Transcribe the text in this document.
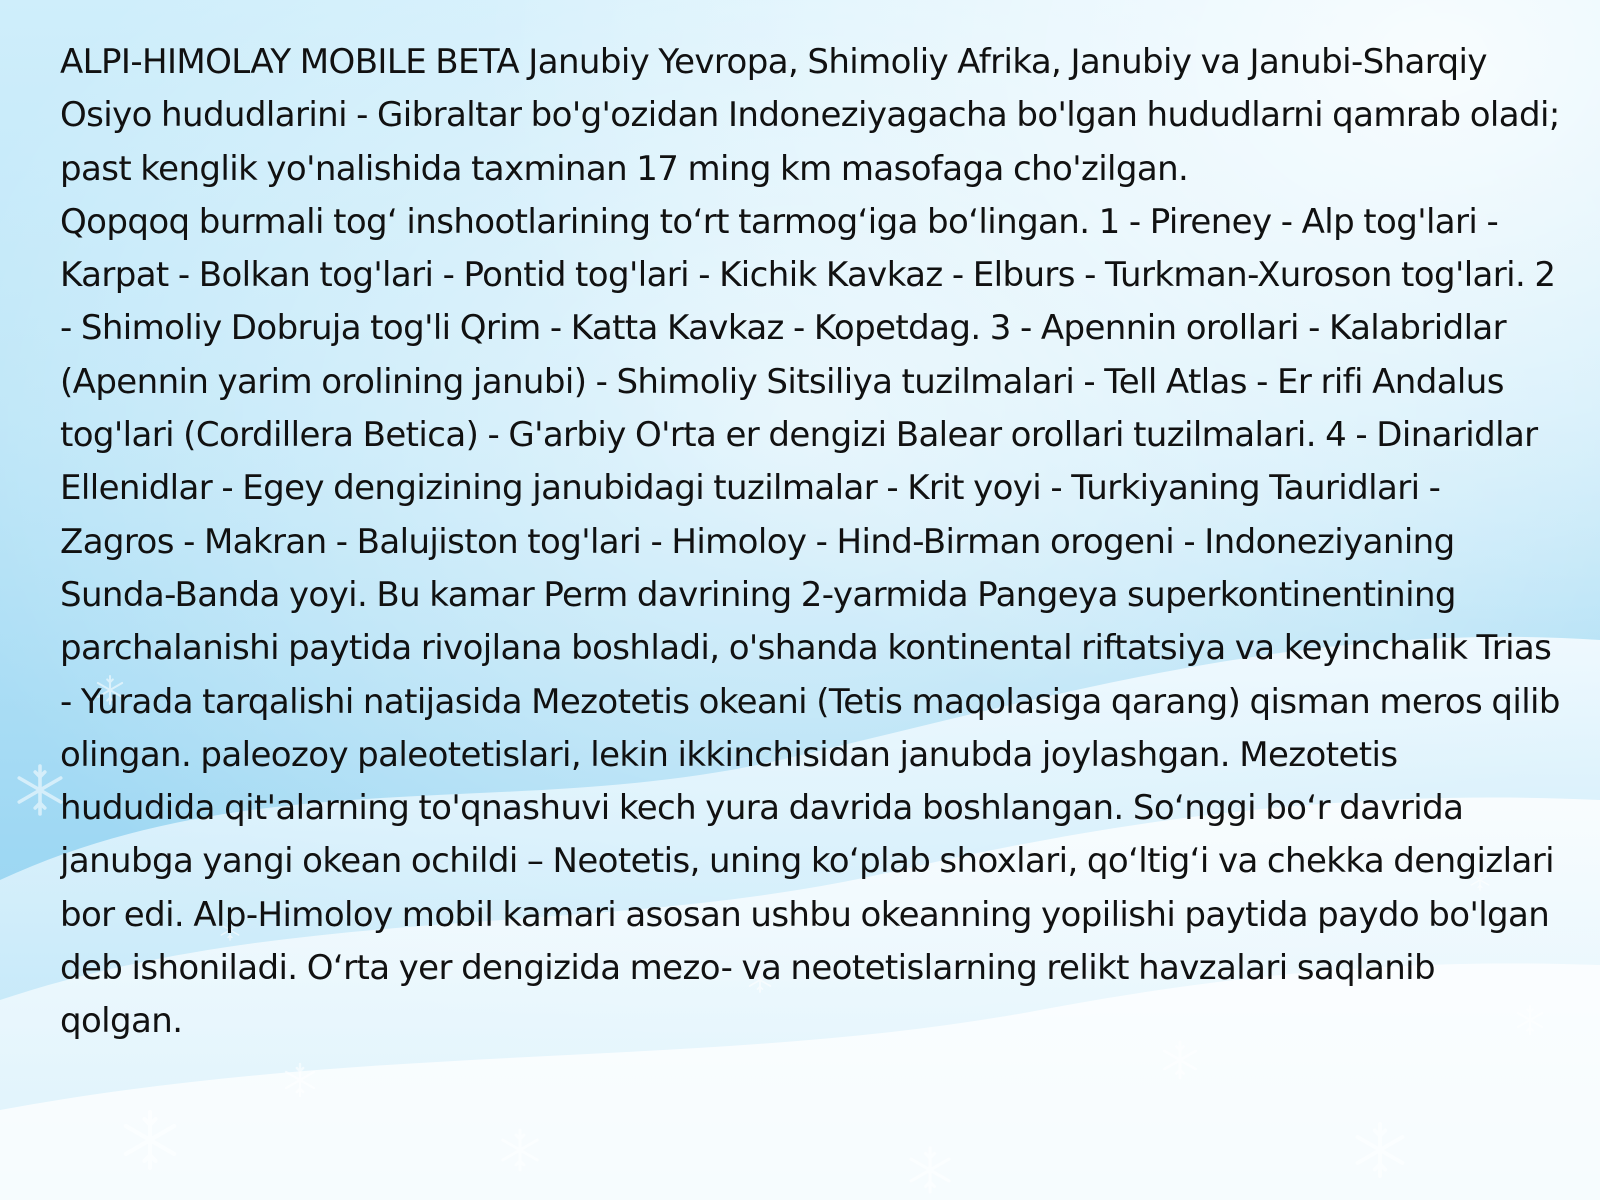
ALPI-HIMOLAY MOBILE BETA Janubiy Yevropa, Shimoliy Afrika, Janubiy va Janubi-Sharqiy Osiyo hududlarini - Gibraltar bo'g'ozidan Indoneziyagacha bo'lgan hududlarni qamrab oladi; past kenglik yo'nalishida taxminan 17 ming km masofaga cho'zilgan.

Qopqoq burmali tog‘ inshootlarining to‘rt tarmog‘iga bo‘lingan. 1 - Pireney - Alp tog'lari - Karpat - Bolkan tog'lari - Pontid tog'lari - Kichik Kavkaz - Elburs - Turkman-Xuroson tog'lari. 2 - Shimoliy Dobruja tog'li Qrim - Katta Kavkaz - Kopetdag. 3 - Apennin orollari - Kalabridlar (Apennin yarim orolining janubi) - Shimoliy Sitsiliya tuzilmalari - Tell Atlas - Er rifi Andalus tog'lari (Cordillera Betica) - G'arbiy O'rta er dengizi Balear orollari tuzilmalari. 4 - Dinaridlar Ellenidlar - Egey dengizining janubidagi tuzilmalar - Krit yoyi - Turkiyaning Tauridlari - Zagros - Makran - Balujiston tog'lari - Himoloy - Hind-Birman orogeni - Indoneziyaning Sunda-Banda yoyi. Bu kamar Perm davrining 2-yarmida Pangeya superkontinentining parchalanishi paytida rivojlana boshladi, o'shanda kontinental riftatsiya va keyinchalik Trias - Yurada tarqalishi natijasida Mezotetis okeani (Tetis maqolasiga qarang) qisman meros qilib olingan. paleozoy paleotetislari, lekin ikkinchisidan janubda joylashgan. Mezotetis hududida qit'alarning to'qnashuvi kech yura davrida boshlangan. So‘nggi bo‘r davrida janubga yangi okean ochildi – Neotetis, uning ko‘plab shoxlari, qo‘ltig‘i va chekka dengizlari bor edi. Alp-Himoloy mobil kamari asosan ushbu okeanning yopilishi paytida paydo bo'lgan deb ishoniladi. O‘rta yer dengizida mezo- va neotetislarning relikt havzalari saqlanib qolgan.
